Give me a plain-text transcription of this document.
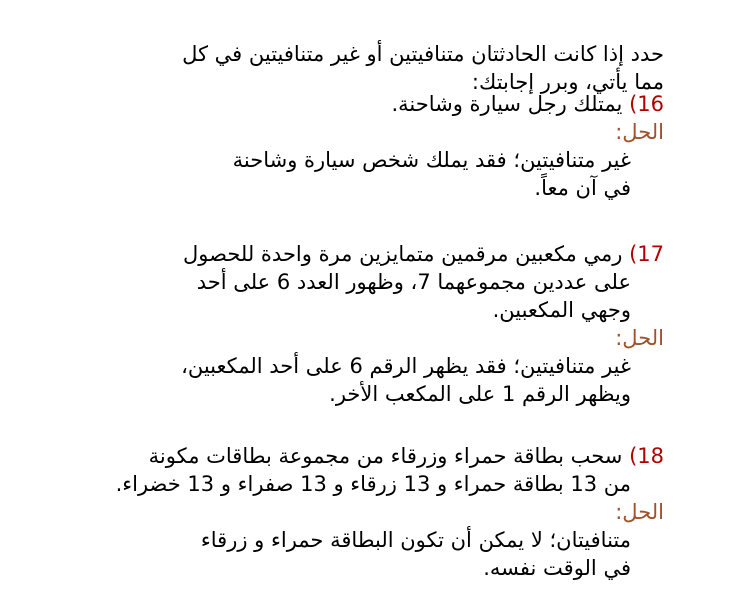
حدد إذا كانت الحادثتان متنافيتين أو غير متنافيتين في كل
مما يأتي، وبرر إجابتك:
16) يمتلك رجل سيارة وشاحنة.
الحل:
غير متنافيتين؛ فقد يملك شخص سيارة وشاحنة
في آن معاً.
17) رمي مكعبين مرقمين متمايزين مرة واحدة للحصول
على عددين مجموعهما 7، وظهور العدد 6 على أحد
وجهي المكعبين.
الحل:
غير متنافيتين؛ فقد يظهر الرقم 6 على أحد المكعبين،
ويظهر الرقم 1 على المكعب الأخر.
18) سحب بطاقة حمراء وزرقاء من مجموعة بطاقات مكونة
من 13 بطاقة حمراء و 13 زرقاء و 13 صفراء و 13 خضراء.
الحل:
متنافيتان؛ لا يمكن أن تكون البطاقة حمراء و زرقاء
في الوقت نفسه.
